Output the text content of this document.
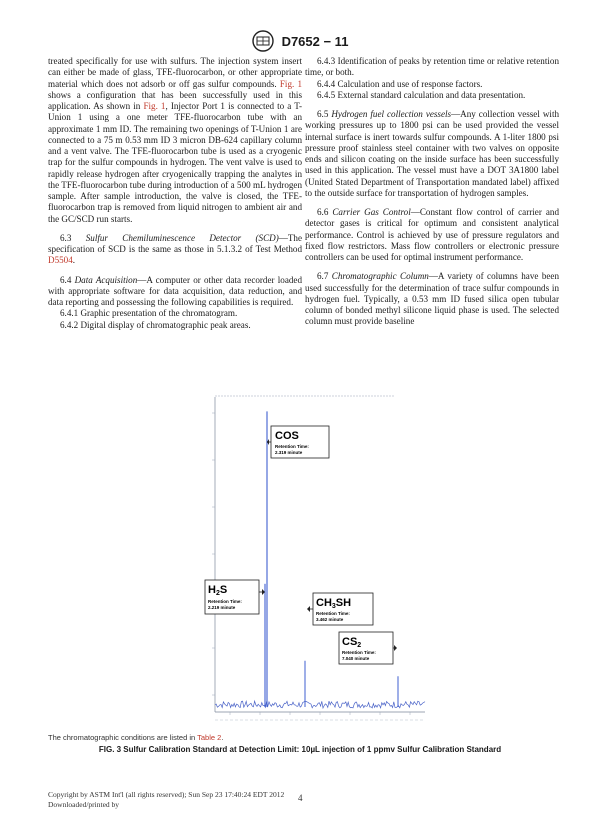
D7652 − 11

treated specifically for use with sulfurs. The injection system insert can either be made of glass, TFE-fluorocarbon, or other appropriate material which does not adsorb or off gas sulfur compounds. Fig. 1 shows a configuration that has been successfully used in this application. As shown in Fig. 1, Injector Port 1 is connected to a T-Union 1 using a one meter TFE-fluorocarbon tube with an approximate 1 mm ID. The remaining two openings of T-Union 1 are connected to a 75 m 0.53 mm ID 3 micron DB-624 capillary column and a vent valve. The TFE-fluorocarbon tube is used as a cryogenic trap for the sulfur compounds in hydrogen. The vent valve is used to rapidly release hydrogen after cryogenically trapping the analytes in the TFE-fluorocarbon tube during introduction of a 500 mL hydrogen sample. After sample introduction, the valve is closed, the TFE-fluorocarbon trap is removed from liquid nitrogen to ambient air and the GC/SCD run starts.

6.3 Sulfur Chemiluminescence Detector (SCD)—The specification of SCD is the same as those in 5.1.3.2 of Test Method D5504.

6.4 Data Acquisition—A computer or other data recorder loaded with appropriate software for data acquisition, data reduction, and data reporting and possessing the following capabilities is required.

6.4.1 Graphic presentation of the chromatogram.

6.4.2 Digital display of chromatographic peak areas.

6.4.3 Identification of peaks by retention time or relative retention time, or both.

6.4.4 Calculation and use of response factors.

6.4.5 External standard calculation and data presentation.

6.5 Hydrogen fuel collection vessels—Any collection vessel with working pressures up to 1800 psi can be used provided the vessel internal surface is inert towards sulfur compounds. A 1-liter 1800 psi pressure proof stainless steel container with two valves on opposite ends and silicon coating on the inside surface has been successfully used in this application. The vessel must have a DOT 3A1800 label (United Stated Department of Transportation mandated label) affixed to the outside surface for transportation of hydrogen samples.

6.6 Carrier Gas Control—Constant flow control of carrier and detector gases is critical for optimum and consistent analytical performance. Control is achieved by use of pressure regulators and fixed flow restrictors. Mass flow controllers or electronic pressure controllers can be used for optimal instrument performance.

6.7 Chromatographic Column—A variety of columns have been used successfully for the determination of trace sulfur compounds in hydrogen fuel. Typically, a 0.53 mm ID fused silica open tubular column of bonded methyl silicone liquid phase is used. The selected column must provide baseline

COS
Retention Time:
2.319 minute
H2S
Retention Time:
2.219 minute	CH3SH
Retention Time:
3.462 minute
CS2
Retention Time:
7.040 minute
The chromatographic conditions are listed in Table 2.
FIG. 3 Sulfur Calibration Standard at Detection Limit: 10µL injection of 1 ppmv Sulfur Calibration Standard
Copyright by ASTM Int'l (all rights reserved); Sun Sep 23 17:40:24 EDT 2012
Downloaded/printed by
4
